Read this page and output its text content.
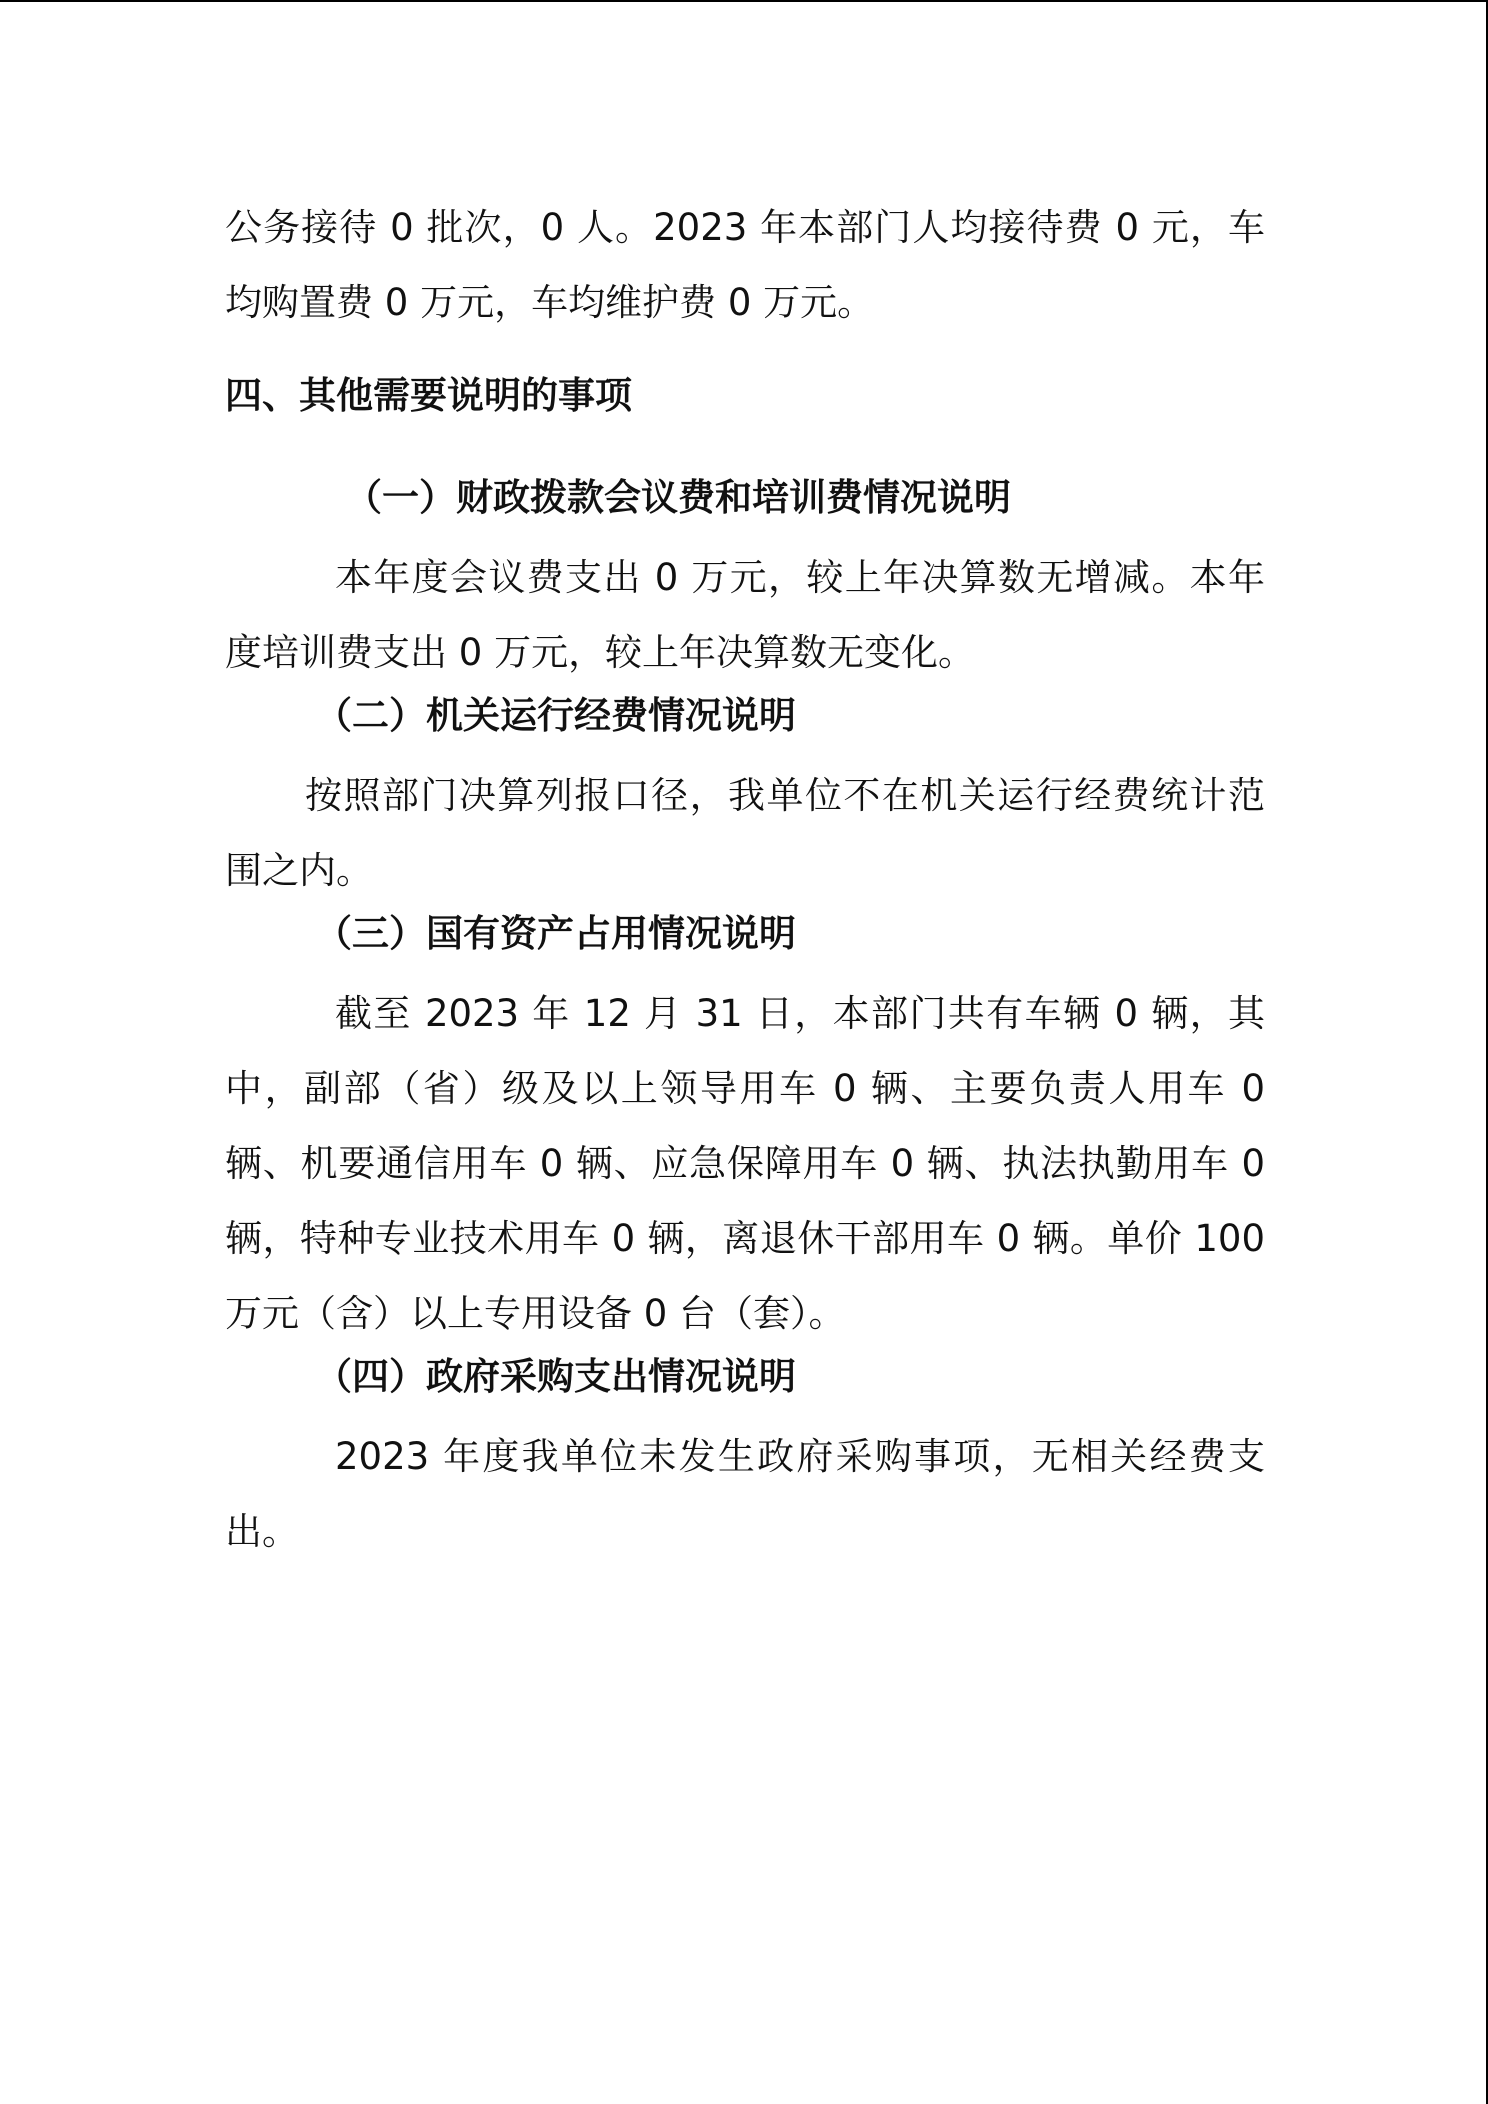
公务接待 0 批次，0 人。2023 年本部门人均接待费 0 元，车均购置费 0 万元，车均维护费 0 万元。

四、其他需要说明的事项
（一）财政拨款会议费和培训费情况说明

本年度会议费支出 0 万元，较上年决算数无增减。本年度培训费支出 0 万元，较上年决算数无变化。

（二）机关运行经费情况说明

按照部门决算列报口径，我单位不在机关运行经费统计范围之内。

（三）国有资产占用情况说明

截至 2023 年 12 月 31 日，本部门共有车辆 0 辆，其中，副部（省）级及以上领导用车 0 辆、主要负责人用车 0 辆、机要通信用车 0 辆、应急保障用车 0 辆、执法执勤用车 0 辆，特种专业技术用车 0 辆，离退休干部用车 0 辆。单价 100 万元（含）以上专用设备 0 台（套）。

（四）政府采购支出情况说明

2023 年度我单位未发生政府采购事项，无相关经费支出。
